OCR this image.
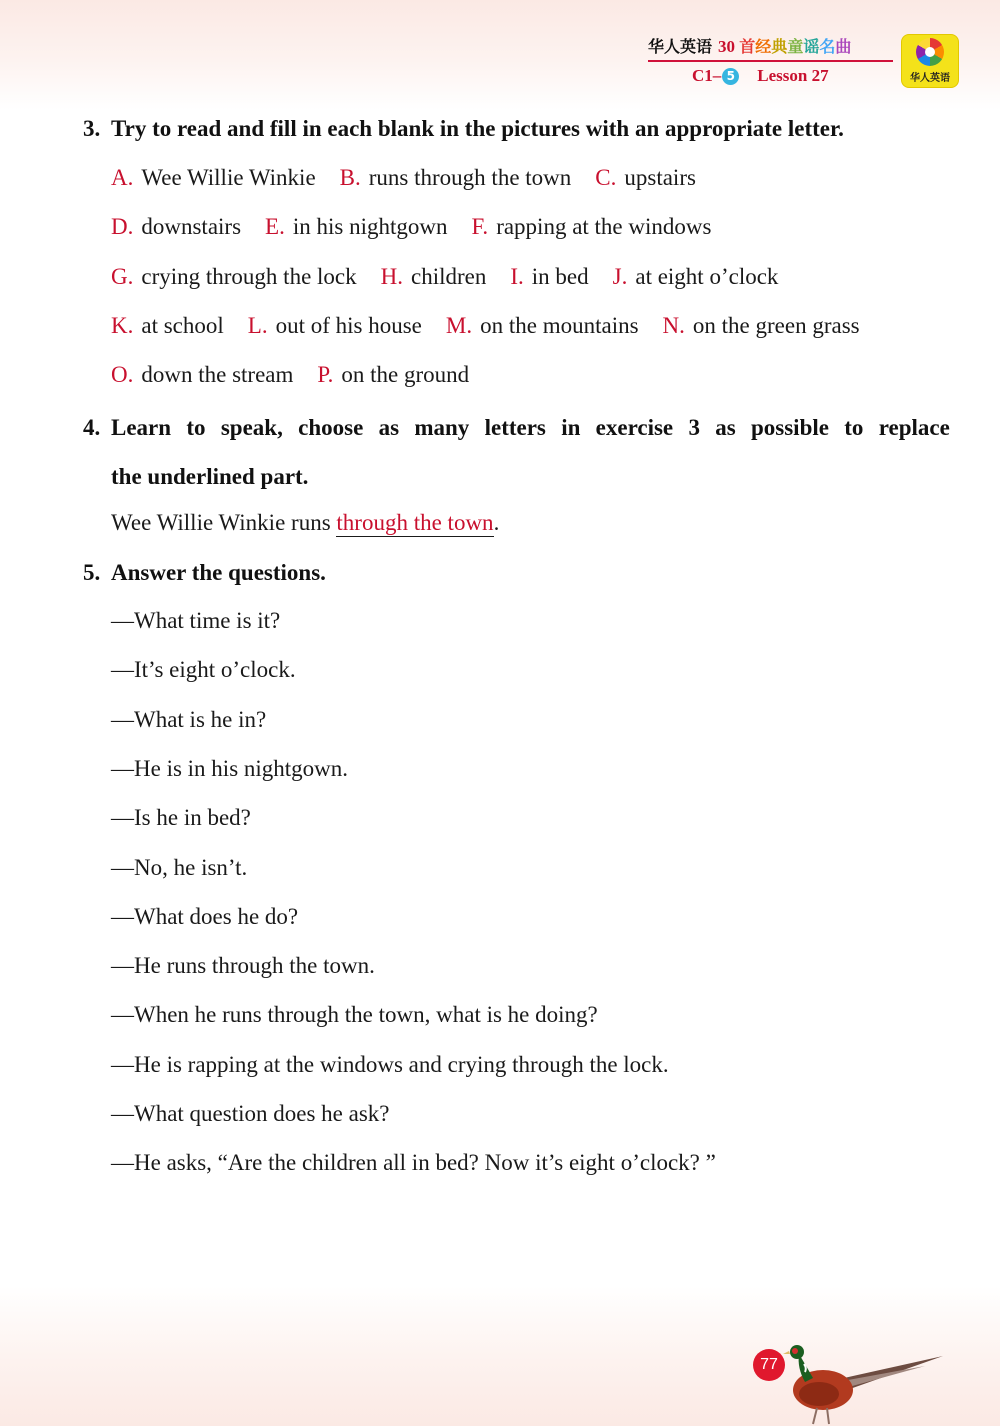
华人英语 30 首经典童谣名曲
C1– 5 Lesson 27	华人英语
3. Try to read and fill in each blank in the pictures with an appropriate letter.
A. Wee Willie Winkie B. runs through the town C. upstairs
D. downstairs E. in his nightgown F. rapping at the windows
G. crying through the lock H. children I. in bed J. at eight o’clock
K. at school L. out of his house M. on the mountains N. on the green grass
O. down the stream P. on the ground
4. Learn to speak, choose as many letters in exercise 3 as possible to replace
the underlined part.
Wee Willie Winkie runs through the town.
5. Answer the questions.
—What time is it?
—It’s eight o’clock.
—What is he in?
—He is in his nightgown.
—Is he in bed?
—No, he isn’t.
—What does he do?
—He runs through the town.
—When he runs through the town, what is he doing?
—He is rapping at the windows and crying through the lock.
—What question does he ask?
—He asks, “Are the children all in bed? Now it’s eight o’clock? ”
77
